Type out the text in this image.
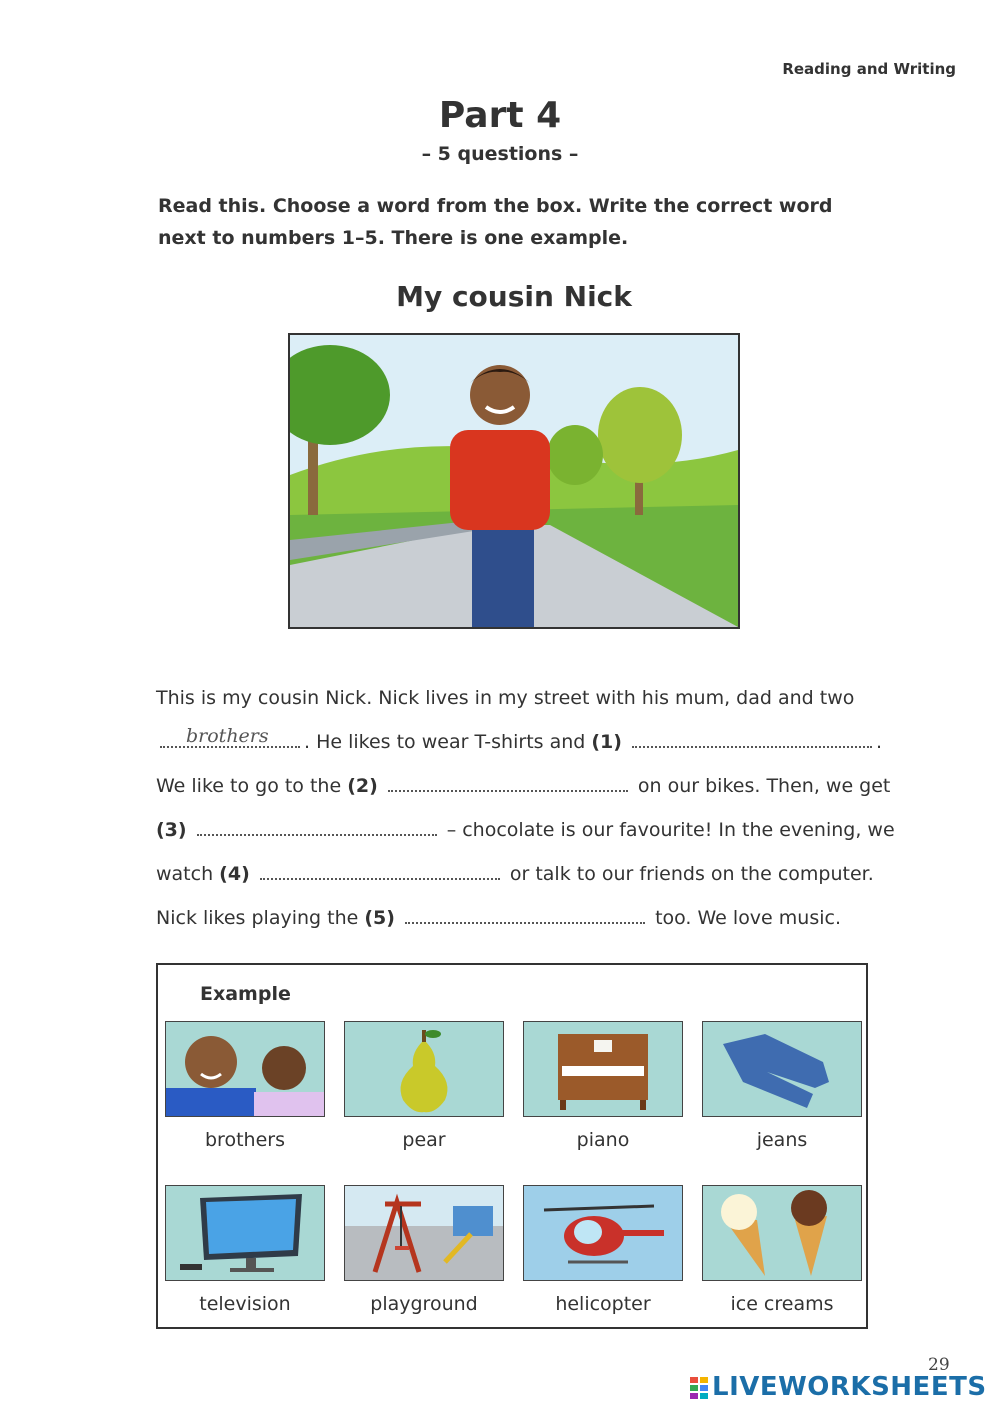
Reading and Writing
Part 4
– 5 questions –
Read this. Choose a word from the box. Write the correct word next to numbers 1–5. There is one example.
My cousin Nick
This is my cousin Nick. Nick lives in my street with his mum, dad and two
brothers . He likes to wear T-shirts and (1)	.
We like to go to the (2)	on our bikes. Then, we get
(3)	– chocolate is our favourite! In the evening, we
watch (4)	or talk to our friends on the computer.
Nick likes playing the (5)	too. We love music.
Example
brothers	pear	piano	jeans
television	playground	helicopter	ice creams
29
LIVEWORKSHEETS
